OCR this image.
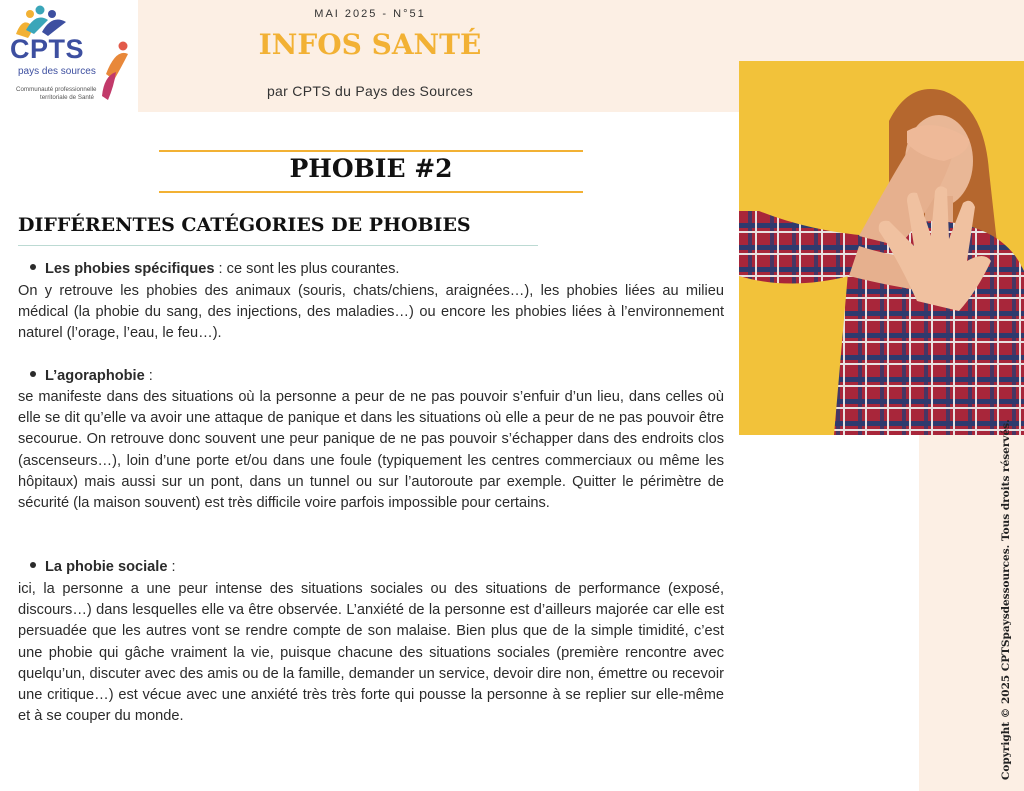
CPTS
pays des sources
Communauté professionnelle
territoriale de Santé
MAI 2025 - N°51
INFOS SANTÉ
par CPTS du Pays des Sources
Copyright © 2025 CPTSpaysdessources. Tous droits réservés.
PHOBIE #2
DIFFÉRENTES CATÉGORIES DE PHOBIES
Les phobies spécifiques : ce sont les plus courantes.
On y retrouve les phobies des animaux (souris, chats/chiens, araignées…), les phobies liées au milieu médical (la phobie du sang, des injections, des maladies…) ou encore les phobies liées à l’environnement naturel (l’orage, l’eau, le feu…).
L’agoraphobie :
se manifeste dans des situations où la personne a peur de ne pas pouvoir s’enfuir d’un lieu, dans celles où elle se dit qu’elle va avoir une attaque de panique et dans les situations où elle a peur de ne pas pouvoir être secourue. On retrouve donc souvent une peur panique de ne pas pouvoir s’échapper dans des endroits clos (ascenseurs…), loin d’une porte et/ou dans une foule (typiquement les centres commerciaux ou même les hôpitaux) mais aussi sur un pont, dans un tunnel ou sur l’autoroute par exemple. Quitter le périmètre de sécurité (la maison souvent) est très difficile voire parfois impossible pour certains.
La phobie sociale :
ici, la personne a une peur intense des situations sociales ou des situations de performance (exposé, discours…) dans lesquelles elle va être observée. L’anxiété de la personne est d’ailleurs majorée car elle est persuadée que les autres vont se rendre compte de son malaise. Bien plus que de la simple timidité, c’est une phobie qui gâche vraiment la vie, puisque chacune des situations sociales (première rencontre avec quelqu’un, discuter avec des amis ou de la famille, demander un service, devoir dire non, émettre ou recevoir une critique…) est vécue avec une anxiété très très forte qui pousse la personne à se replier sur elle-même et à se couper du monde.
